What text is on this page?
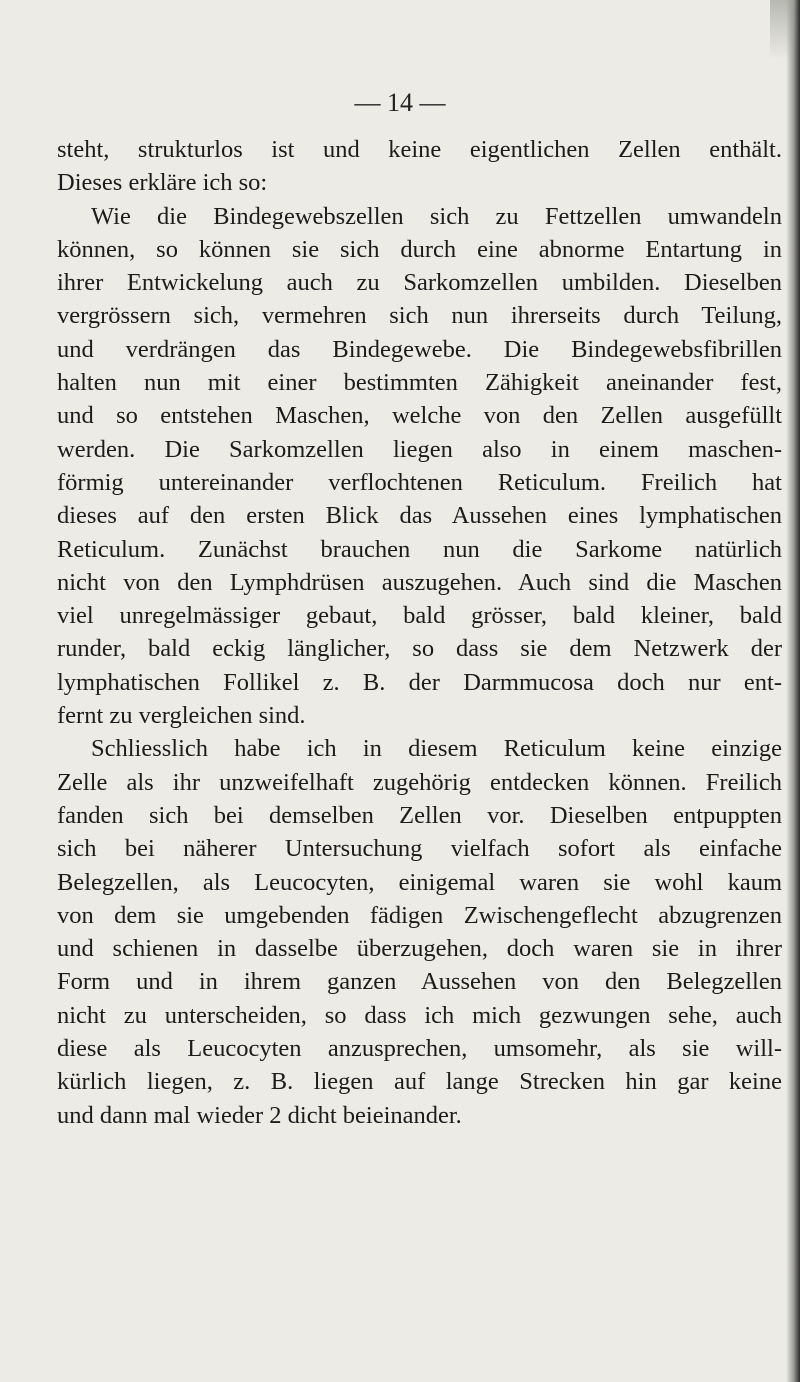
— 14 —
steht, strukturlos ist und keine eigentlichen Zellen enthält.
Dieses erkläre ich so:
Wie die Bindegewebszellen sich zu Fettzellen umwandeln
können, so können sie sich durch eine abnorme Entartung in
ihrer Entwickelung auch zu Sarkomzellen umbilden. Dieselben
vergrössern sich, vermehren sich nun ihrerseits durch Teilung,
und verdrängen das Bindegewebe. Die Bindegewebsfibrillen
halten nun mit einer bestimmten Zähigkeit aneinander fest,
und so entstehen Maschen, welche von den Zellen ausgefüllt
werden. Die Sarkomzellen liegen also in einem maschen-
förmig untereinander verflochtenen Reticulum. Freilich hat
dieses auf den ersten Blick das Aussehen eines lymphatischen
Reticulum. Zunächst brauchen nun die Sarkome natürlich
nicht von den Lymphdrüsen auszugehen. Auch sind die Maschen
viel unregelmässiger gebaut, bald grösser, bald kleiner, bald
runder, bald eckig länglicher, so dass sie dem Netzwerk der
lymphatischen Follikel z. B. der Darmmucosa doch nur ent-
fernt zu vergleichen sind.
Schliesslich habe ich in diesem Reticulum keine einzige
Zelle als ihr unzweifelhaft zugehörig entdecken können. Freilich
fanden sich bei demselben Zellen vor. Dieselben entpuppten
sich bei näherer Untersuchung vielfach sofort als einfache
Belegzellen, als Leucocyten, einigemal waren sie wohl kaum
von dem sie umgebenden fädigen Zwischengeflecht abzugrenzen
und schienen in dasselbe überzugehen, doch waren sie in ihrer
Form und in ihrem ganzen Aussehen von den Belegzellen
nicht zu unterscheiden, so dass ich mich gezwungen sehe, auch
diese als Leucocyten anzusprechen, umsomehr, als sie will-
kürlich liegen, z. B. liegen auf lange Strecken hin gar keine
und dann mal wieder 2 dicht beieinander.
